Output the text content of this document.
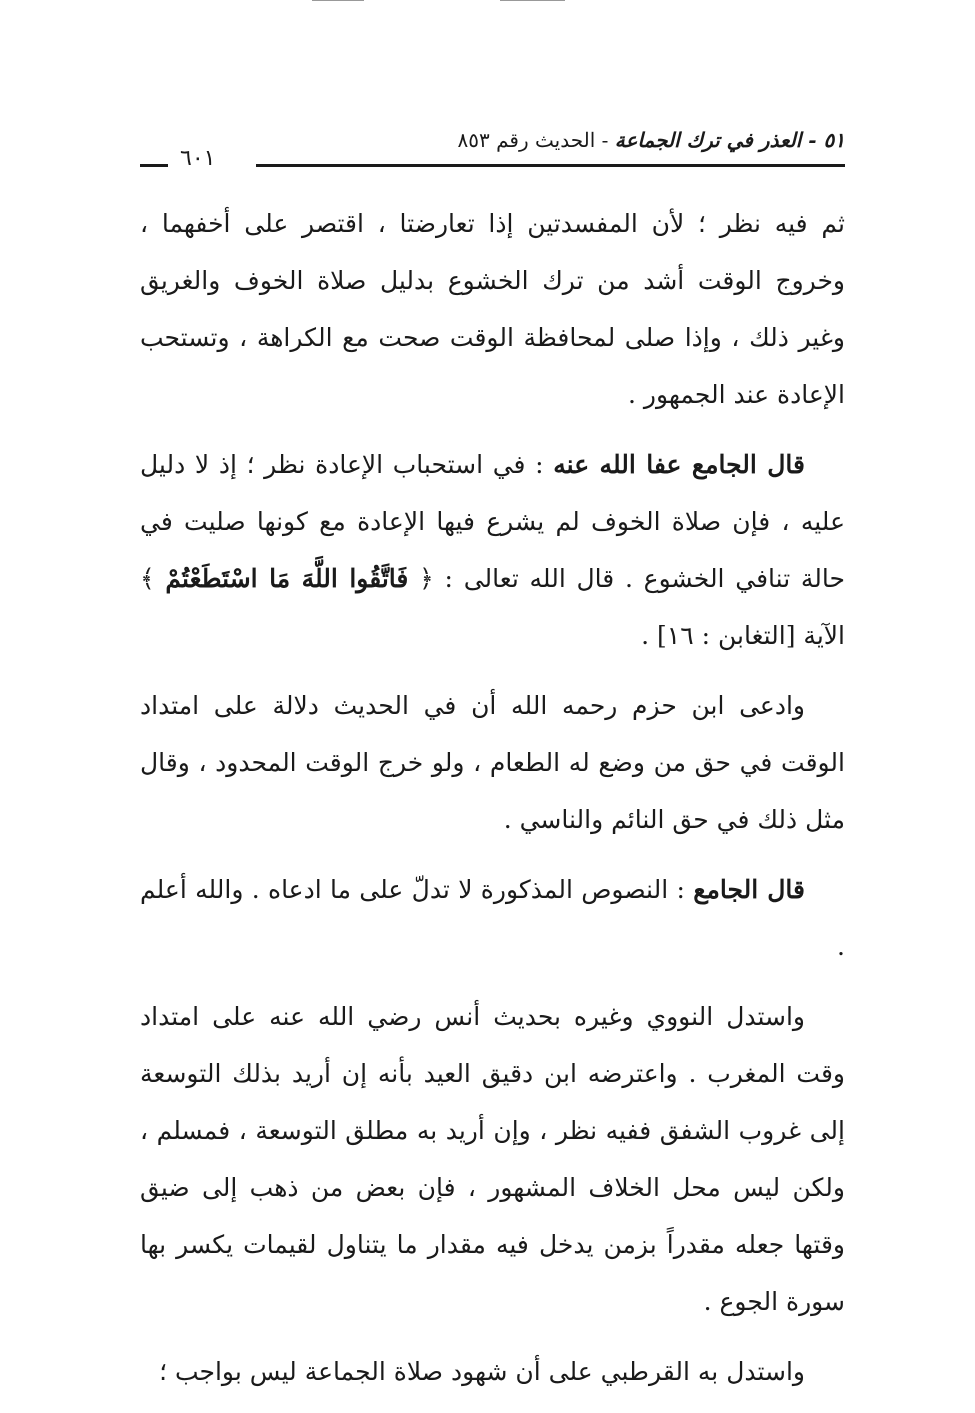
٥١ - العذر في ترك الجماعة - الحديث رقم ٨٥٣
٦٠١

ثم فيه نظر ؛ لأن المفسدتين إذا تعارضتا ، اقتصر على أخفهما ، وخروج الوقت أشد من ترك الخشوع بدليل صلاة الخوف والغريق وغير ذلك ، وإذا صلى لمحافظة الوقت صحت مع الكراهة ، وتستحب الإعادة عند الجمهور .

قال الجامع عفا الله عنه : في استحباب الإعادة نظر ؛ إذ لا دليل عليه ، فإن صلاة الخوف لم يشرع فيها الإعادة مع كونها صليت في حالة تنافي الخشوع . قال الله تعالى : ﴿ فَاتَّقُوا اللَّهَ مَا اسْتَطَعْتُمْ ﴾ الآية [التغابن : ١٦] .

وادعى ابن حزم رحمه الله أن في الحديث دلالة على امتداد الوقت في حق من وضع له الطعام ، ولو خرج الوقت المحدود ، وقال مثل ذلك في حق النائم والناسي .

قال الجامع : النصوص المذكورة لا تدلّ على ما ادعاه . والله أعلم .

واستدل النووي وغيره بحديث أنس رضي الله عنه على امتداد وقت المغرب . واعترضه ابن دقيق العيد بأنه إن أريد بذلك التوسعة إلى غروب الشفق ففيه نظر ، وإن أريد به مطلق التوسعة ، فمسلم ، ولكن ليس محل الخلاف المشهور ، فإن بعض من ذهب إلى ضيق وقتها جعله مقدراً بزمن يدخل فيه مقدار ما يتناول لقيمات يكسر بها سورة الجوع .

واستدل به القرطبي على أن شهود صلاة الجماعة ليس بواجب ؛
